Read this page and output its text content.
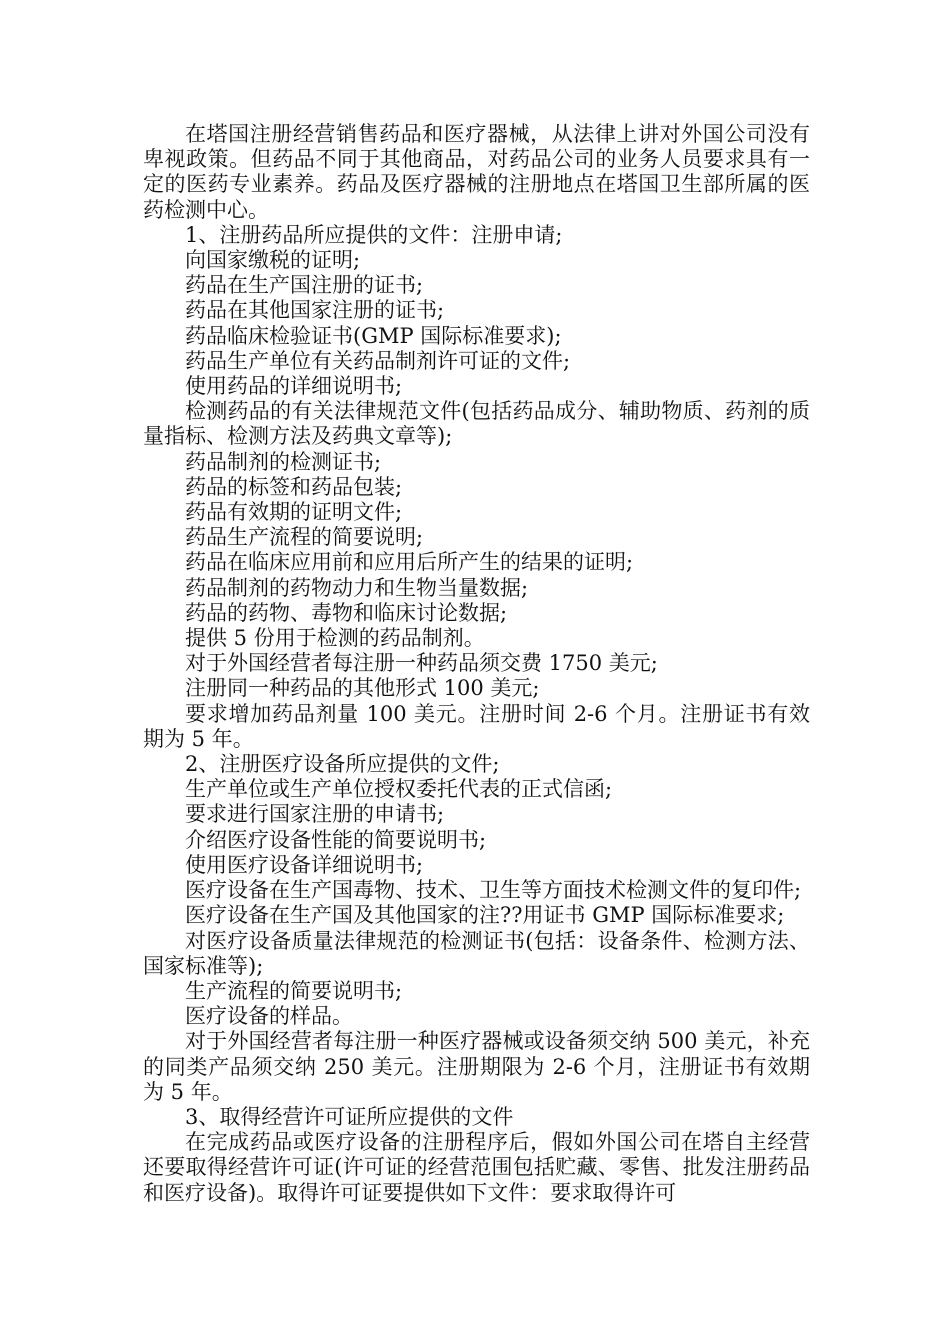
在塔国注册经营销售药品和医疗器械，从法律上讲对外国公司没有卑视政策。但药品不同于其他商品，对药品公司的业务人员要求具有一定的医药专业素养。药品及医疗器械的注册地点在塔国卫生部所属的医药检测中心。

1、注册药品所应提供的文件：注册申请;

向国家缴税的证明;

药品在生产国注册的证书;

药品在其他国家注册的证书;

药品临床检验证书(GMP 国际标准要求);

药品生产单位有关药品制剂许可证的文件;

使用药品的详细说明书;

检测药品的有关法律规范文件(包括药品成分、辅助物质、药剂的质量指标、检测方法及药典文章等);

药品制剂的检测证书;

药品的标签和药品包装;

药品有效期的证明文件;

药品生产流程的简要说明;

药品在临床应用前和应用后所产生的结果的证明;

药品制剂的药物动力和生物当量数据;

药品的药物、毒物和临床讨论数据;

提供 5 份用于检测的药品制剂。

对于外国经营者每注册一种药品须交费 1750 美元;

注册同一种药品的其他形式 100 美元;

要求增加药品剂量 100 美元。注册时间 2-6 个月。注册证书有效期为 5 年。

2、注册医疗设备所应提供的文件;

生产单位或生产单位授权委托代表的正式信函;

要求进行国家注册的申请书;

介绍医疗设备性能的简要说明书;

使用医疗设备详细说明书;

医疗设备在生产国毒物、技术、卫生等方面技术检测文件的复印件;

医疗设备在生产国及其他国家的注??用证书 GMP 国际标准要求;

对医疗设备质量法律规范的检测证书(包括：设备条件、检测方法、国家标准等);

生产流程的简要说明书;

医疗设备的样品。

对于外国经营者每注册一种医疗器械或设备须交纳 500 美元，补充的同类产品须交纳 250 美元。注册期限为 2-6 个月，注册证书有效期为 5 年。

3、取得经营许可证所应提供的文件

在完成药品或医疗设备的注册程序后，假如外国公司在塔自主经营还要取得经营许可证(许可证的经营范围包括贮藏、零售、批发注册药品和医疗设备)。取得许可证要提供如下文件：要求取得许可
